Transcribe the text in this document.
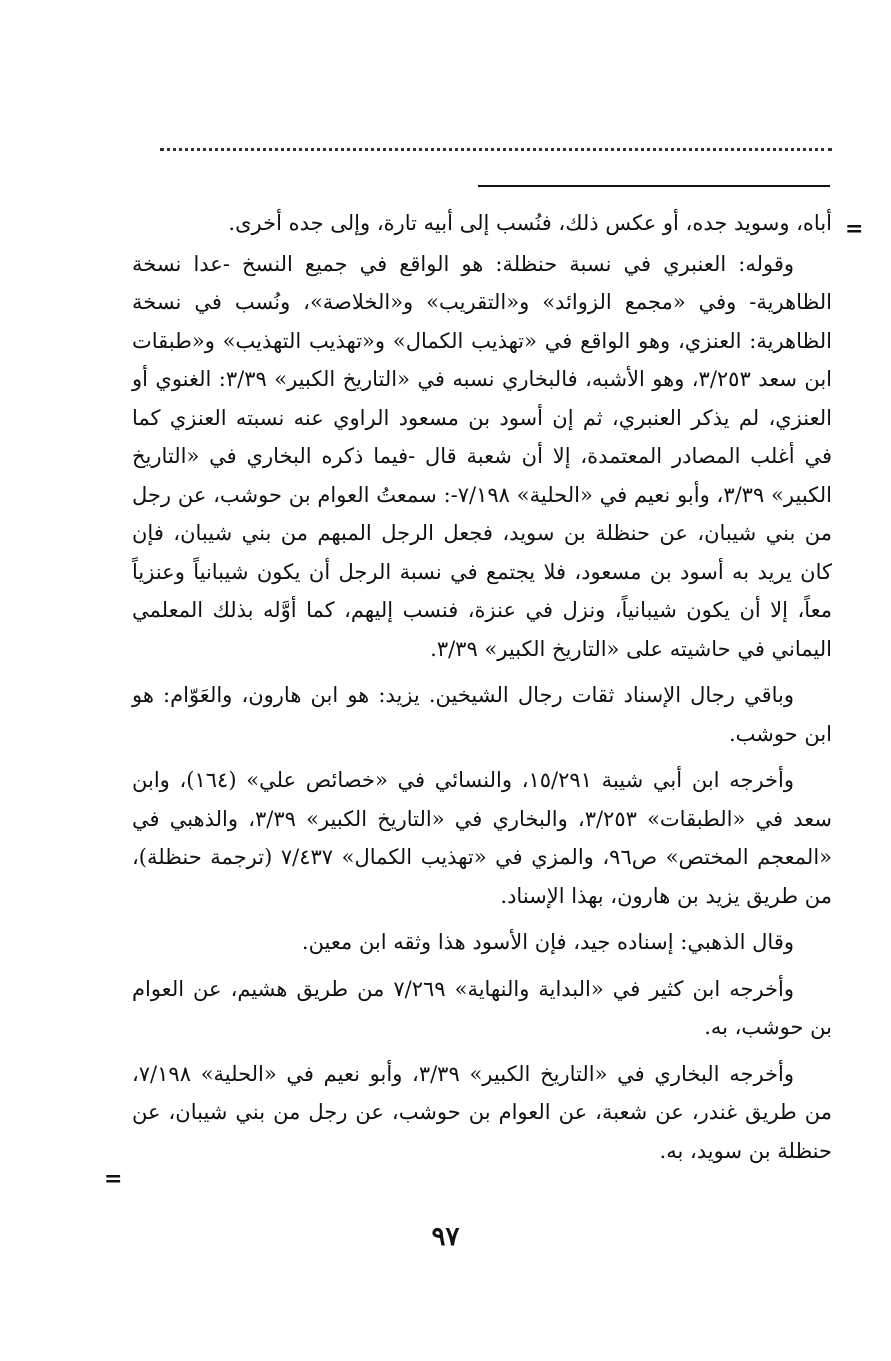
=

أباه، وسويد جده، أو عكس ذلك، فنُسب إلى أبيه تارة، وإلى جده أخرى.

وقوله: العنبري في نسبة حنظلة: هو الواقع في جميع النسخ -عدا نسخة الظاهرية- وفي «مجمع الزوائد» و«التقريب» و«الخلاصة»، ونُسب في نسخة الظاهرية: العنزي، وهو الواقع في «تهذيب الكمال» و«تهذيب التهذيب» و«طبقات ابن سعد ٣/٢٥٣، وهو الأشبه، فالبخاري نسبه في «التاريخ الكبير» ٣/٣٩: الغنوي أو العنزي، لم يذكر العنبري، ثم إن أسود بن مسعود الراوي عنه نسبته العنزي كما في أغلب المصادر المعتمدة، إلا أن شعبة قال -فيما ذكره البخاري في «التاريخ الكبير» ٣/٣٩، وأبو نعيم في «الحلية» ٧/١٩٨-: سمعتُ العوام بن حوشب، عن رجل من بني شيبان، عن حنظلة بن سويد، فجعل الرجل المبهم من بني شيبان، فإن كان يريد به أسود بن مسعود، فلا يجتمع في نسبة الرجل أن يكون شيبانياً وعنزياً معاً، إلا أن يكون شيبانياً، ونزل في عنزة، فنسب إليهم، كما أوَّله بذلك المعلمي اليماني في حاشيته على «التاريخ الكبير» ٣/٣٩.

وباقي رجال الإسناد ثقات رجال الشيخين. يزيد: هو ابن هارون، والعَوّام: هو ابن حوشب.

وأخرجه ابن أبي شيبة ١٥/٢٩١، والنسائي في «خصائص علي» (١٦٤)، وابن سعد في «الطبقات» ٣/٢٥٣، والبخاري في «التاريخ الكبير» ٣/٣٩، والذهبي في «المعجم المختص» ص٩٦، والمزي في «تهذيب الكمال» ٧/٤٣٧ (ترجمة حنظلة)، من طريق يزيد بن هارون، بهذا الإسناد.

وقال الذهبي: إسناده جيد، فإن الأسود هذا وثقه ابن معين.

وأخرجه ابن كثير في «البداية والنهاية» ٧/٢٦٩ من طريق هشيم، عن العوام بن حوشب، به.

وأخرجه البخاري في «التاريخ الكبير» ٣/٣٩، وأبو نعيم في «الحلية» ٧/١٩٨، من طريق غندر، عن شعبة، عن العوام بن حوشب، عن رجل من بني شيبان، عن حنظلة بن سويد، به.

=
٩٧
